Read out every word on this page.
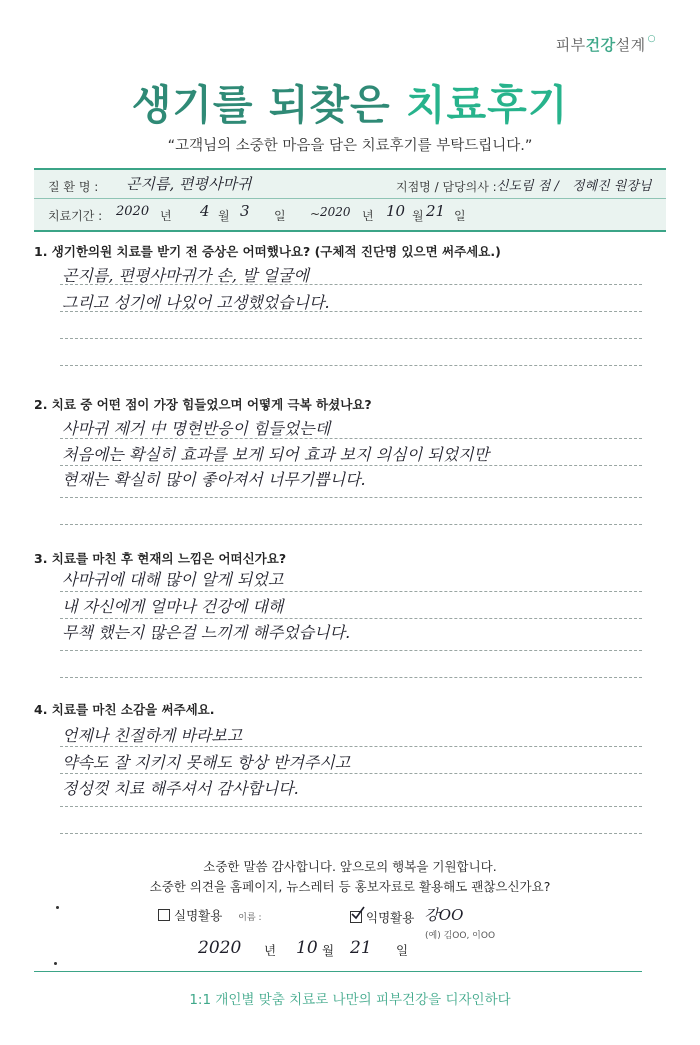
피부건강설계 ○
생기를 되찾은 치료후기
“고객님의 소중한 마음을 담은 치료후기를 부탁드립니다.”
질 환 명 : 곤지름, 편평사마귀	지점명 / 담당의사 : 신도림 점 / 정혜진 원장님
치료기간 : 2020 년 4 월 3 일 ~ 2020 년 10 월 21 일
1. 생기한의원 치료를 받기 전 증상은 어떠했나요? (구체적 진단명 있으면 써주세요.)
곤지름, 편평사마귀가 손, 발 얼굴에
그리고 성기에 나있어 고생했었습니다.
2. 치료 중 어떤 점이 가장 힘들었으며 어떻게 극복 하셨나요?
사마귀 제거 中 명현반응이 힘들었는데
처음에는 확실히 효과를 보게 되어 효과 보지 의심이 되었지만
현재는 확실히 많이 좋아져서 너무기쁩니다.
3. 치료를 마친 후 현재의 느낌은 어떠신가요?
사마귀에 대해 많이 알게 되었고
내 자신에게 얼마나 건강에 대해
무책 했는지 많은걸 느끼게 해주었습니다.
4. 치료를 마친 소감을 써주세요.
언제나 친절하게 바라보고
약속도 잘 지키지 못해도 항상 반겨주시고
정성껏 치료 해주셔서 감사합니다.
소중한 말씀 감사합니다. 앞으로의 행복을 기원합니다.
소중한 의견을 홈페이지, 뉴스레터 등 홍보자료로 활용해도 괜찮으신가요?
실명활용 이름 :	익명활용 강OO
(예) 김OO, 이OO
2020 년 10 월 21 일
1:1 개인별 맞춤 치료로 나만의 피부건강을 디자인하다
